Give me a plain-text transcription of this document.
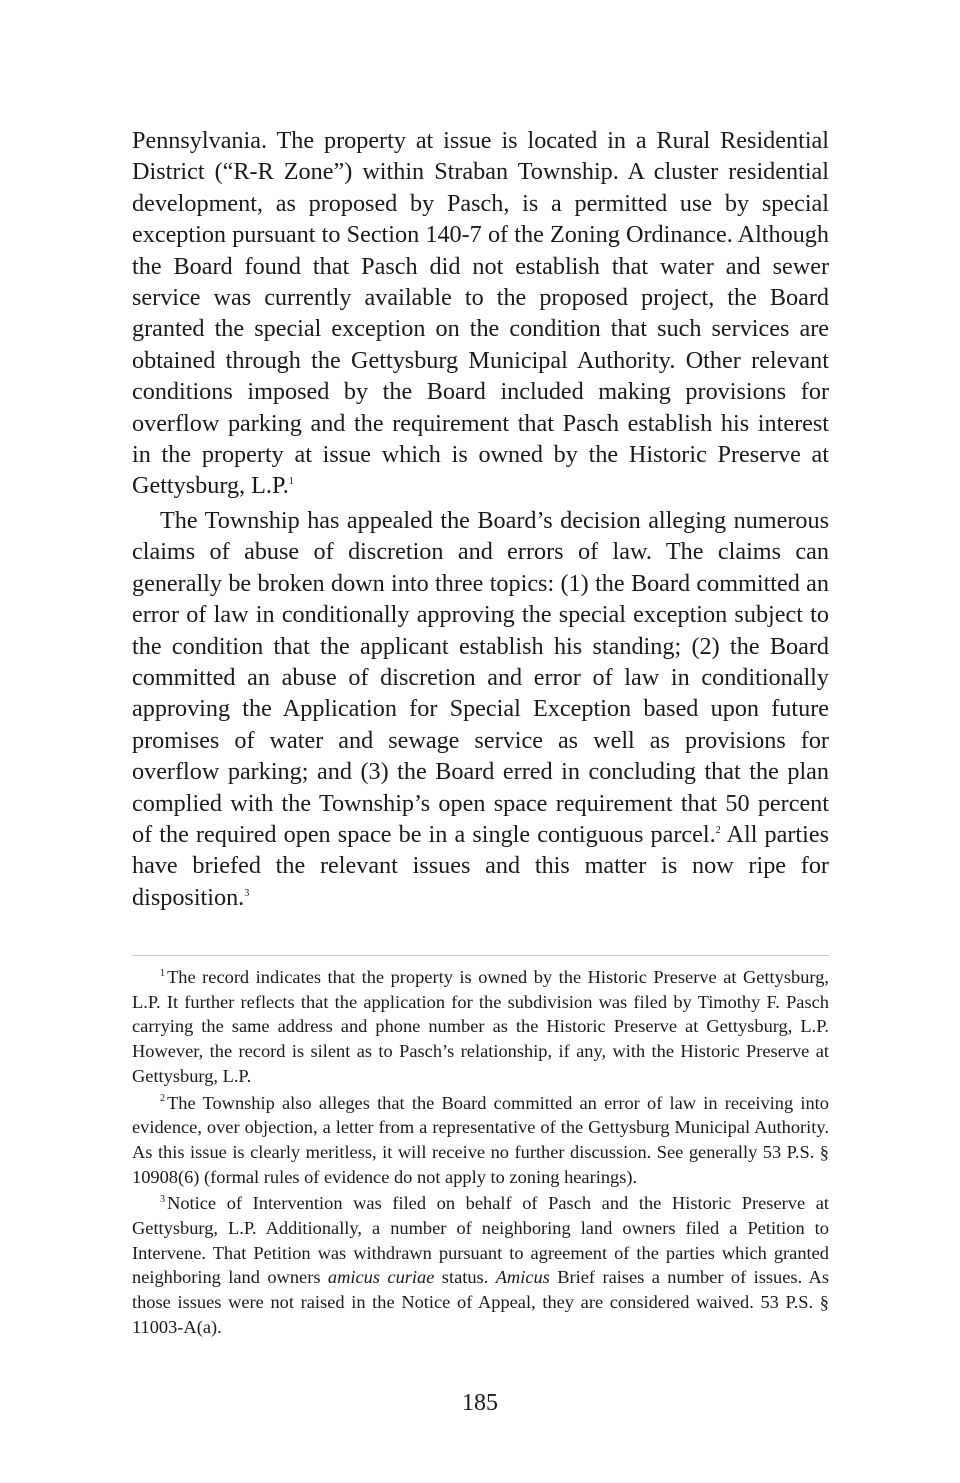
Pennsylvania. The property at issue is located in a Rural Residential District (“R-R Zone”) within Straban Township. A cluster residential development, as proposed by Pasch, is a permitted use by special exception pursuant to Section 140-7 of the Zoning Ordinance. Although the Board found that Pasch did not establish that water and sewer service was currently available to the proposed project, the Board granted the special exception on the condition that such services are obtained through the Gettysburg Municipal Authority. Other relevant conditions imposed by the Board included making provisions for overflow parking and the requirement that Pasch establish his interest in the property at issue which is owned by the Historic Preserve at Gettysburg, L.P.$^1$

The Township has appealed the Board’s decision alleging numerous claims of abuse of discretion and errors of law. The claims can generally be broken down into three topics: (1) the Board committed an error of law in conditionally approving the special exception subject to the condition that the applicant establish his standing; (2) the Board committed an abuse of discretion and error of law in conditionally approving the Application for Special Exception based upon future promises of water and sewage service as well as provisions for overflow parking; and (3) the Board erred in concluding that the plan complied with the Township’s open space requirement that 50 percent of the required open space be in a single contiguous parcel.$^2$ All parties have briefed the relevant issues and this matter is now ripe for disposition.$^3$

$^1$ The record indicates that the property is owned by the Historic Preserve at Gettysburg, L.P. It further reflects that the application for the subdivision was filed by Timothy F. Pasch carrying the same address and phone number as the Historic Preserve at Gettysburg, L.P. However, the record is silent as to Pasch’s relationship, if any, with the Historic Preserve at Gettysburg, L.P.

$^2$ The Township also alleges that the Board committed an error of law in receiving into evidence, over objection, a letter from a representative of the Gettysburg Municipal Authority. As this issue is clearly meritless, it will receive no further discussion. See generally 53 P.S. § 10908(6) (formal rules of evidence do not apply to zoning hearings).

$^3$ Notice of Intervention was filed on behalf of Pasch and the Historic Preserve at Gettysburg, L.P. Additionally, a number of neighboring land owners filed a Petition to Intervene. That Petition was withdrawn pursuant to agreement of the parties which granted neighboring land owners amicus curiae status. Amicus Brief raises a number of issues. As those issues were not raised in the Notice of Appeal, they are considered waived. 53 P.S. § 11003-A(a).

185
